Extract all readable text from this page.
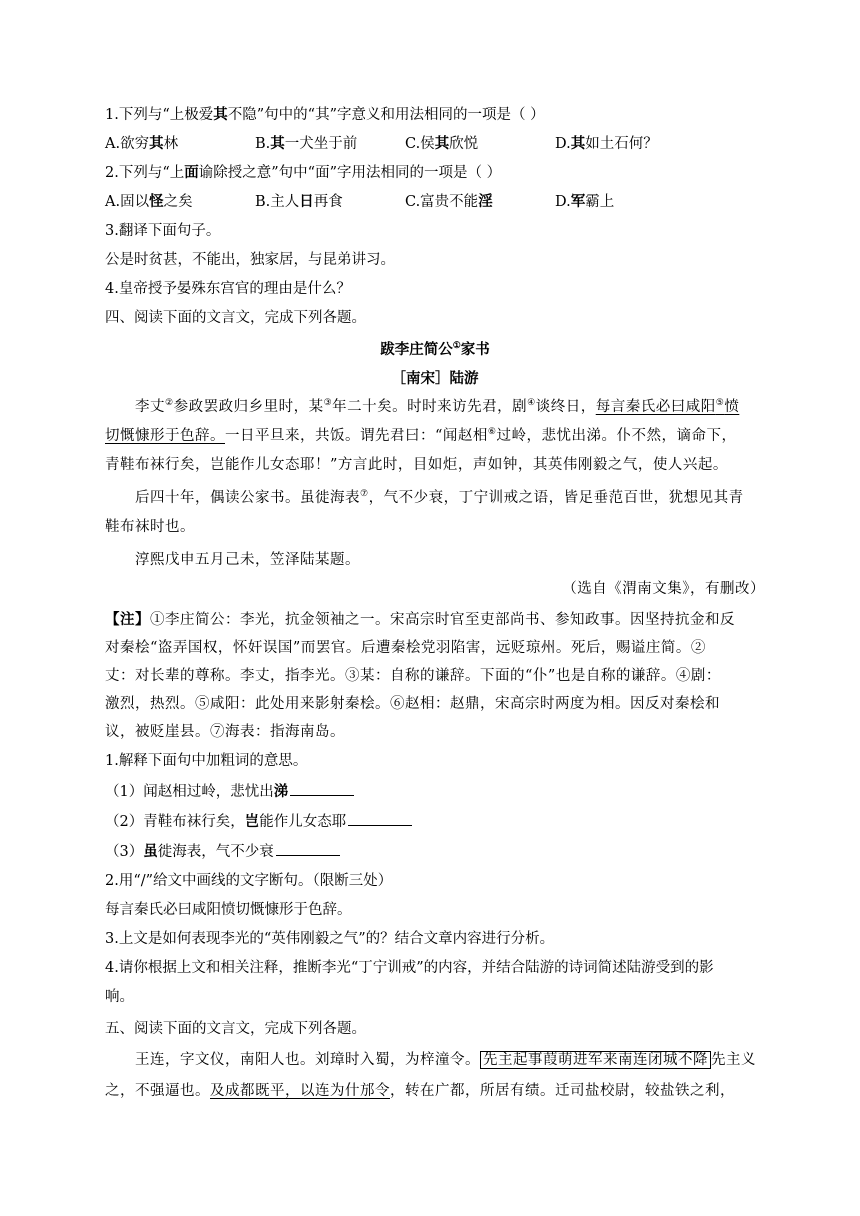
1.下列与“上极爱其不隐”句中的“其”字意义和用法相同的一项是（ ）
A.欲穷其林	B.其一犬坐于前	C.侯其欣悦	D.其如土石何？
2.下列与“上面谕除授之意”句中“面”字用法相同的一项是（ ）
A.固以怪之矣	B.主人日再食	C.富贵不能淫	D.军霸上
3.翻译下面句子。
公是时贫甚，不能出，独家居，与昆弟讲习。
4.皇帝授予晏殊东宫官的理由是什么？
四、阅读下面的文言文，完成下列各题。
跋李庄简公①家书
［南宋］陆游
李丈②参政罢政归乡里时，某③年二十矣。时时来访先君，剧④谈终日，每言秦氏必曰咸阳⑤愤
切慨慷形于色辞。一日平旦来，共饭。谓先君曰：“闻赵相⑥过岭，悲忧出涕。仆不然，谪命下，
青鞋布袜行矣，岂能作儿女态耶！”方言此时，目如炬，声如钟，其英伟刚毅之气，使人兴起。
后四十年，偶读公家书。虽徙海表⑦，气不少衰，丁宁训戒之语，皆足垂范百世，犹想见其青
鞋布袜时也。
淳熙戊申五月己未，笠泽陆某题。
（选自《渭南文集》，有删改）
【注】①李庄简公：李光，抗金领袖之一。宋高宗时官至吏部尚书、参知政事。因坚持抗金和反
对秦桧“盗弄国权，怀奸误国”而罢官。后遭秦桧党羽陷害，远贬琼州。死后，赐谥庄简。②
丈：对长辈的尊称。李丈，指李光。③某：自称的谦辞。下面的“仆”也是自称的谦辞。④剧：
激烈，热烈。⑤咸阳：此处用来影射秦桧。⑥赵相：赵鼎，宋高宗时两度为相。因反对秦桧和
议，被贬崖县。⑦海表：指海南岛。
1.解释下面句中加粗词的意思。
（1）闻赵相过岭，悲忧出涕
（2）青鞋布袜行矣，岂能作儿女态耶
（3）虽徙海表，气不少衰
2.用“/”给文中画线的文字断句。（限断三处）
每言秦氏必曰咸阳愤切慨慷形于色辞。
3.上文是如何表现李光的“英伟刚毅之气”的？结合文章内容进行分析。
4.请你根据上文和相关注释，推断李光“丁宁训戒”的内容，并结合陆游的诗词简述陆游受到的影
响。
五、阅读下面的文言文，完成下列各题。
王连，字文仪，南阳人也。刘璋时入蜀，为梓潼令。 先主起事葭萌进军来南连闭城不降 先主义
之，不强逼也。及成都既平，以连为什邡令，转在广都，所居有绩。迁司盐校尉，较盐铁之利，
